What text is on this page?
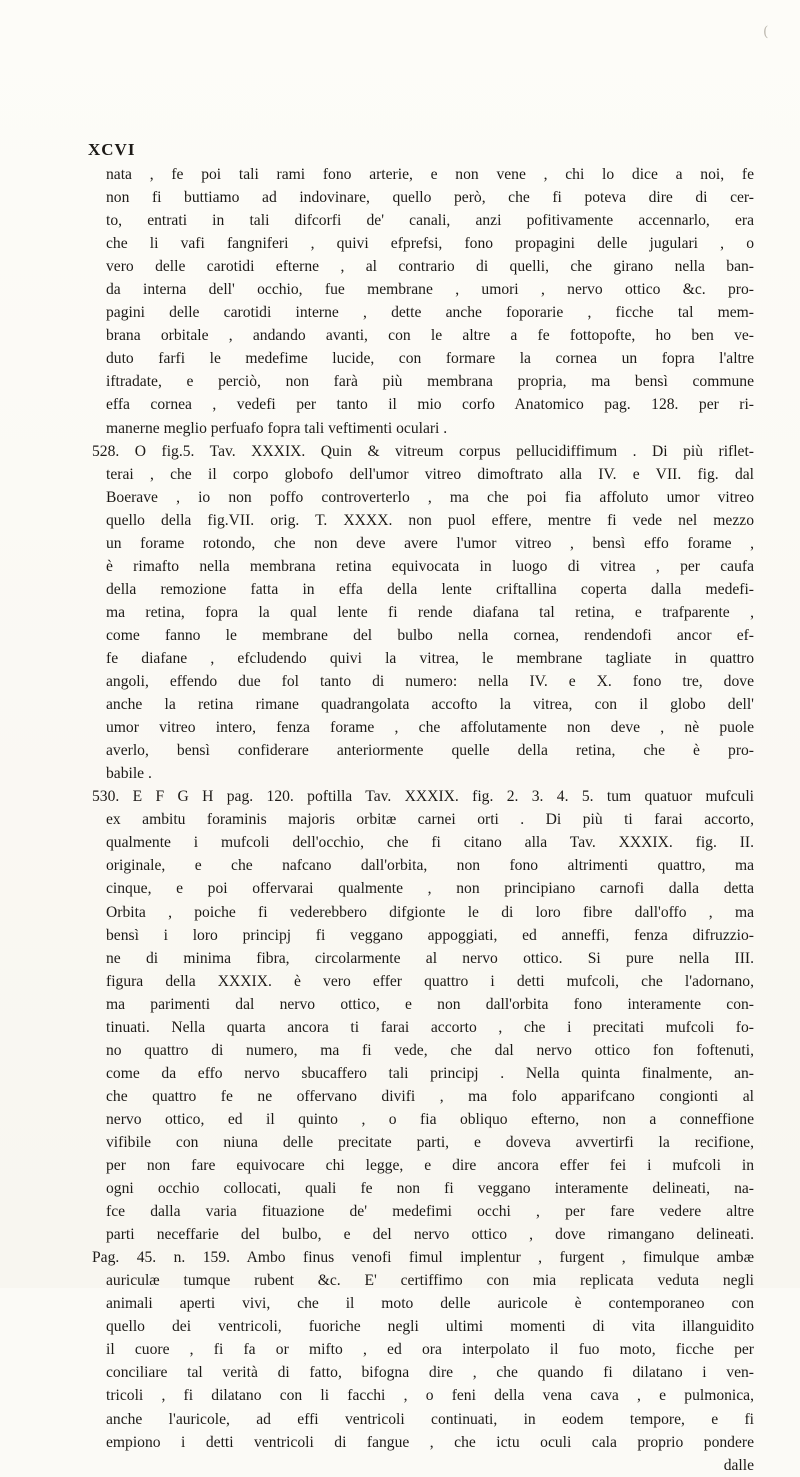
(
XCVI
nata , fe poi tali rami fono arterie, e non vene , chi lo dice a noi, fe
non fi buttiamo ad indovinare, quello però, che fi poteva dire di cer-
to, entrati in tali difcorfi de' canali, anzi pofitivamente accennarlo, era
che li vafi fangniferi , quivi efprefsi, fono propagini delle jugulari , o
vero delle carotidi efterne , al contrario di quelli, che girano nella ban-
da interna dell' occhio, fue membrane , umori , nervo ottico &c. pro-
pagini delle carotidi interne , dette anche foporarie , ficche tal mem-
brana orbitale , andando avanti, con le altre a fe fottopofte, ho ben ve-
duto farfi le medefime lucide, con formare la cornea un fopra l'altre
iftradate, e perciò, non farà più membrana propria, ma bensì commune
effa cornea , vedefi per tanto il mio corfo Anatomico pag. 128. per ri-
manerne meglio perfuafo fopra tali veftimenti oculari .
528. O fig.5. Tav. XXXIX. Quin & vitreum corpus pellucidiffimum . Di più riflet-
terai , che il corpo globofo dell'umor vitreo dimoftrato alla IV. e VII. fig. dal
Boerave , io non poffo controverterlo , ma che poi fia affoluto umor vitreo
quello della fig.VII. orig. T. XXXX. non puol effere, mentre fi vede nel mezzo
un forame rotondo, che non deve avere l'umor vitreo , bensì effo forame ,
è rimafto nella membrana retina equivocata in luogo di vitrea , per caufa
della remozione fatta in effa della lente criftallina coperta dalla medefi-
ma retina, fopra la qual lente fi rende diafana tal retina, e trafparente ,
come fanno le membrane del bulbo nella cornea, rendendofi ancor ef-
fe diafane , efcludendo quivi la vitrea, le membrane tagliate in quattro
angoli, effendo due fol tanto di numero: nella IV. e X. fono tre, dove
anche la retina rimane quadrangolata accofto la vitrea, con il globo dell'
umor vitreo intero, fenza forame , che affolutamente non deve , nè puole
averlo, bensì confiderare anteriormente quelle della retina, che è pro-
babile .
530. E F G H pag. 120. poftilla Tav. XXXIX. fig. 2. 3. 4. 5. tum quatuor mufculi
ex ambitu foraminis majoris orbitæ carnei orti . Di più ti farai accorto,
qualmente i mufcoli dell'occhio, che fi citano alla Tav. XXXIX. fig. II.
originale, e che nafcano dall'orbita, non fono altrimenti quattro, ma
cinque, e poi offervarai qualmente , non principiano carnofi dalla detta
Orbita , poiche fi vederebbero difgionte le di loro fibre dall'offo , ma
bensì i loro principj fi veggano appoggiati, ed anneffi, fenza difruzzio-
ne di minima fibra, circolarmente al nervo ottico. Si pure nella III.
figura della XXXIX. è vero effer quattro i detti mufcoli, che l'adornano,
ma parimenti dal nervo ottico, e non dall'orbita fono interamente con-
tinuati. Nella quarta ancora ti farai accorto , che i precitati mufcoli fo-
no quattro di numero, ma fi vede, che dal nervo ottico fon foftenuti,
come da effo nervo sbucaffero tali principj . Nella quinta finalmente, an-
che quattro fe ne offervano divifi , ma folo apparifcano congionti al
nervo ottico, ed il quinto , o fia obliquo efterno, non a conneffione
vifibile con niuna delle precitate parti, e doveva avvertirfi la recifione,
per non fare equivocare chi legge, e dire ancora effer fei i mufcoli in
ogni occhio collocati, quali fe non fi veggano interamente delineati, na-
fce dalla varia fituazione de' medefimi occhi , per fare vedere altre
parti neceffarie del bulbo, e del nervo ottico , dove rimangano delineati.
Pag. 45. n. 159. Ambo finus venofi fimul implentur , furgent , fimulque ambæ
auriculæ tumque rubent &c. E' certiffimo con mia replicata veduta negli
animali aperti vivi, che il moto delle auricole è contemporaneo con
quello dei ventricoli, fuoriche negli ultimi momenti di vita illanguidito
il cuore , fi fa or mifto , ed ora interpolato il fuo moto, ficche per
conciliare tal verità di fatto, bifogna dire , che quando fi dilatano i ven-
tricoli , fi dilatano con li facchi , o feni della vena cava , e pulmonica,
anche l'auricole, ad effi ventricoli continuati, in eodem tempore, e fi
empiono i detti ventricoli di fangue , che ictu oculi cala proprio pondere
dalle
